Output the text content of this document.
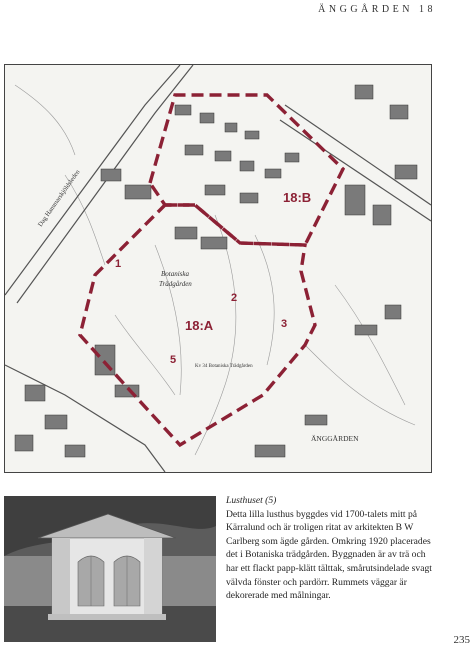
ÄNGGÅRDEN 18
18:B
18:A
1
2
3
5
Botaniska
Trädgården
Kv 34 Botaniska Trädgården
ÄNGGÅRDEN
Dag Hammarskjöldsleden
Lusthuset (5)
Detta lilla lusthus byggdes vid 1700-talets mitt på Kärralund och är troligen ritat av arkitekten B W Carlberg som ägde gården. Omkring 1920 placerades det i Botaniska trädgården. Byggnaden är av trä och har ett flackt papp-klätt tälttak, smårutsindelade svagt välvda fönster och pardörr. Rummets väggar är dekorerade med målningar.
235
